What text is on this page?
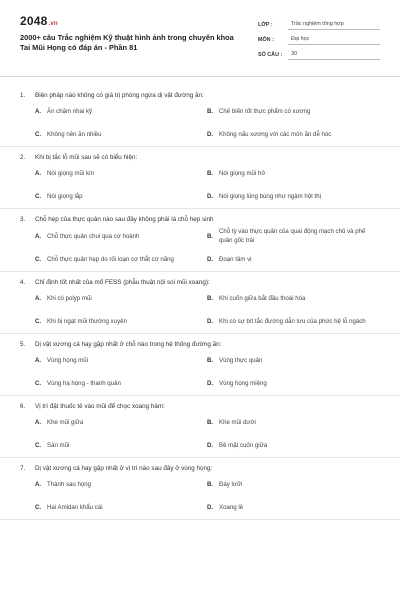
2048.vn
2000+ câu Trắc nghiệm Kỹ thuật hình ảnh trong chuyên khoa Tai Mũi Họng có đáp án - Phần 81
LỚP :	Trắc nghiệm tổng hợp
MÔN :	Đại học
SỐ CÂU :	30
1.	Biện pháp nào không có giá trị phòng ngừa dị vật đường ăn:
A. Ăn chậm nhai kỹ	B. Chế biến tốt thực phẩm có xương
C. Không nên ăn nhiều	D. Không nấu xương với các món ăn dễ hóc
2.	Khi bị tắc lỗ mũi sau sẽ có biểu hiện:
A. Nói giọng mũi kín	B. Nói giọng mũi hở
C. Nói giọng lắp	D. Nói giọng lúng búng như ngậm hột thị
3.	Chỗ hẹp của thực quản nào sau đây không phải là chỗ hẹp sinh
A. Chỗ thực quản chui qua cơ hoành	B.
Chỗ tỳ vào thực quản của quai động mạch chủ và phế quản gốc trái
C. Chỗ thực quản hẹp do rối loạn cơ thắt cơ năng	D. Đoạn tâm vị
4.	Chỉ định tốt nhất của mổ FESS (phẫu thuật nội soi mũi xoang):
A. Khi có polyp mũi	B. Khi cuốn giữa bắt đầu thoái hóa
C. Khi bị ngạt mũi thường xuyên	D. Khi có sự bít tắc đường dẫn lưu của phức hệ lỗ ngách
5.	Dị vật xương cá hay gặp nhất ở chỗ nào trong hệ thống đường ăn:
A. Vùng họng mũi	B. Vùng thực quản
C. Vùng hạ họng - thanh quản	D. Vùng họng miệng
6.	Vị trí đặt thuốc tê vào mũi để chọc xoang hàm:
A. Khe mũi giữa	B. Khe mũi dưới
C. Sàn mũi	D. Bề mặt cuốn giữa
7.	Dị vật xương cá hay gặp nhất ở vị trí nào sau đây ở vùng họng:
A. Thành sau họng	B. Đáy lưỡi
C. Hai Amidan khẩu cái	D. Xoang lê
